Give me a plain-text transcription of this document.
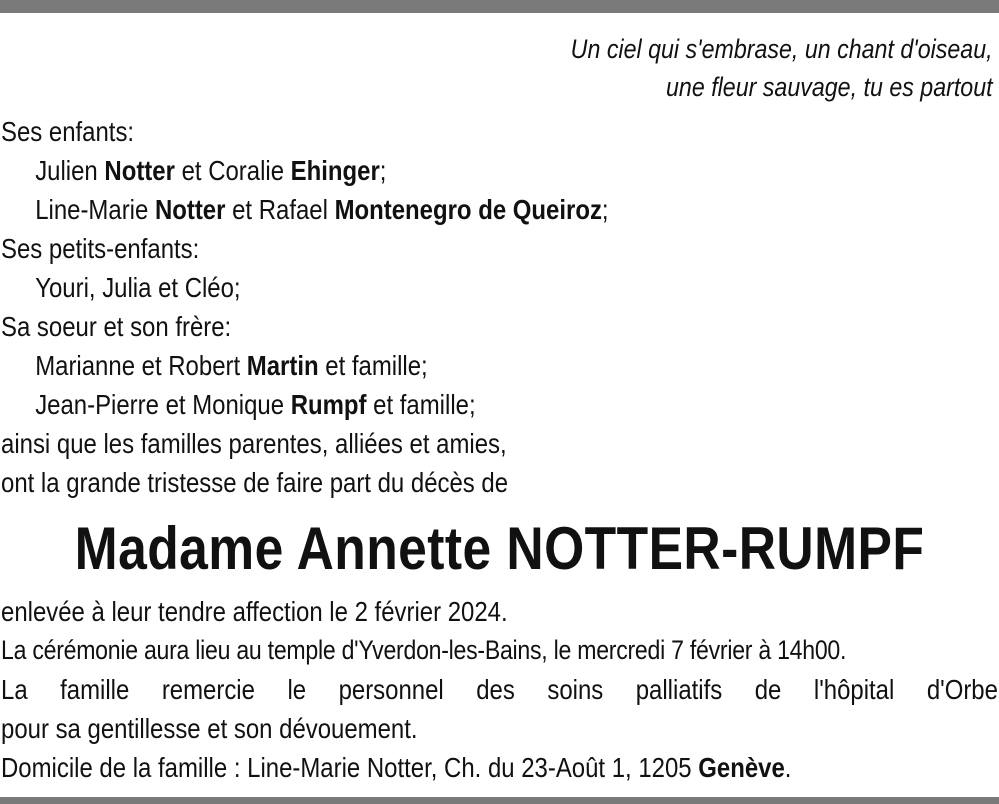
Un ciel qui s'embrase, un chant d'oiseau,
une fleur sauvage, tu es partout
Ses enfants:
Julien Notter et Coralie Ehinger;
Line-Marie Notter et Rafael Montenegro de Queiroz;
Ses petits-enfants:
Youri, Julia et Cléo;
Sa soeur et son frère:
Marianne et Robert Martin et famille;
Jean-Pierre et Monique Rumpf et famille;
ainsi que les familles parentes, alliées et amies,
ont la grande tristesse de faire part du décès de
Madame Annette NOTTER-RUMPF
enlevée à leur tendre affection le 2 février 2024.
La cérémonie aura lieu au temple d'Yverdon-les-Bains, le mercredi 7 février à 14h00.
La famille remercie le personnel des soins palliatifs de l'hôpital d'Orbe
pour sa gentillesse et son dévouement.
Domicile de la famille : Line-Marie Notter, Ch. du 23-Août 1, 1205 Genève.
